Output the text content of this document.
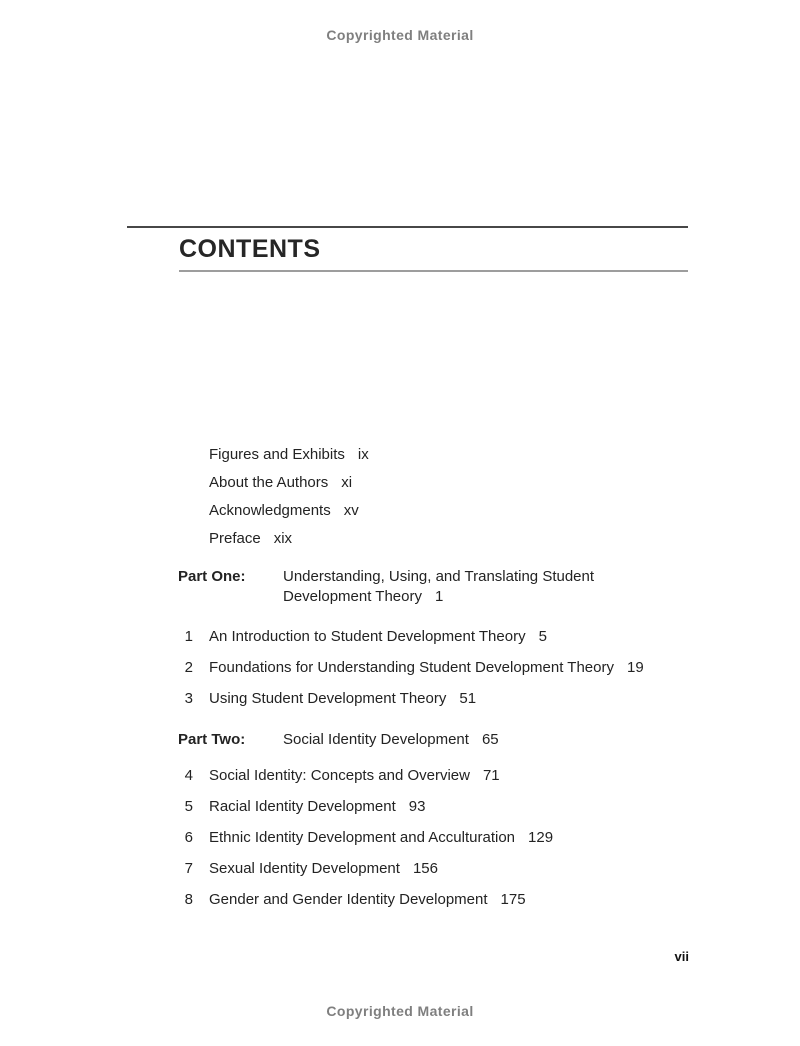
Copyrighted Material
CONTENTS
Figures and Exhibits ix
About the Authors xi
Acknowledgments xv
Preface xix
Part One:	Understanding, Using, and Translating Student Development Theory 1
1 An Introduction to Student Development Theory 5
2 Foundations for Understanding Student Development Theory 19
3 Using Student Development Theory 51
Part Two:	Social Identity Development 65
4 Social Identity: Concepts and Overview 71
5 Racial Identity Development 93
6 Ethnic Identity Development and Acculturation 129
7 Sexual Identity Development 156
8 Gender and Gender Identity Development 175
vii
Copyrighted Material
